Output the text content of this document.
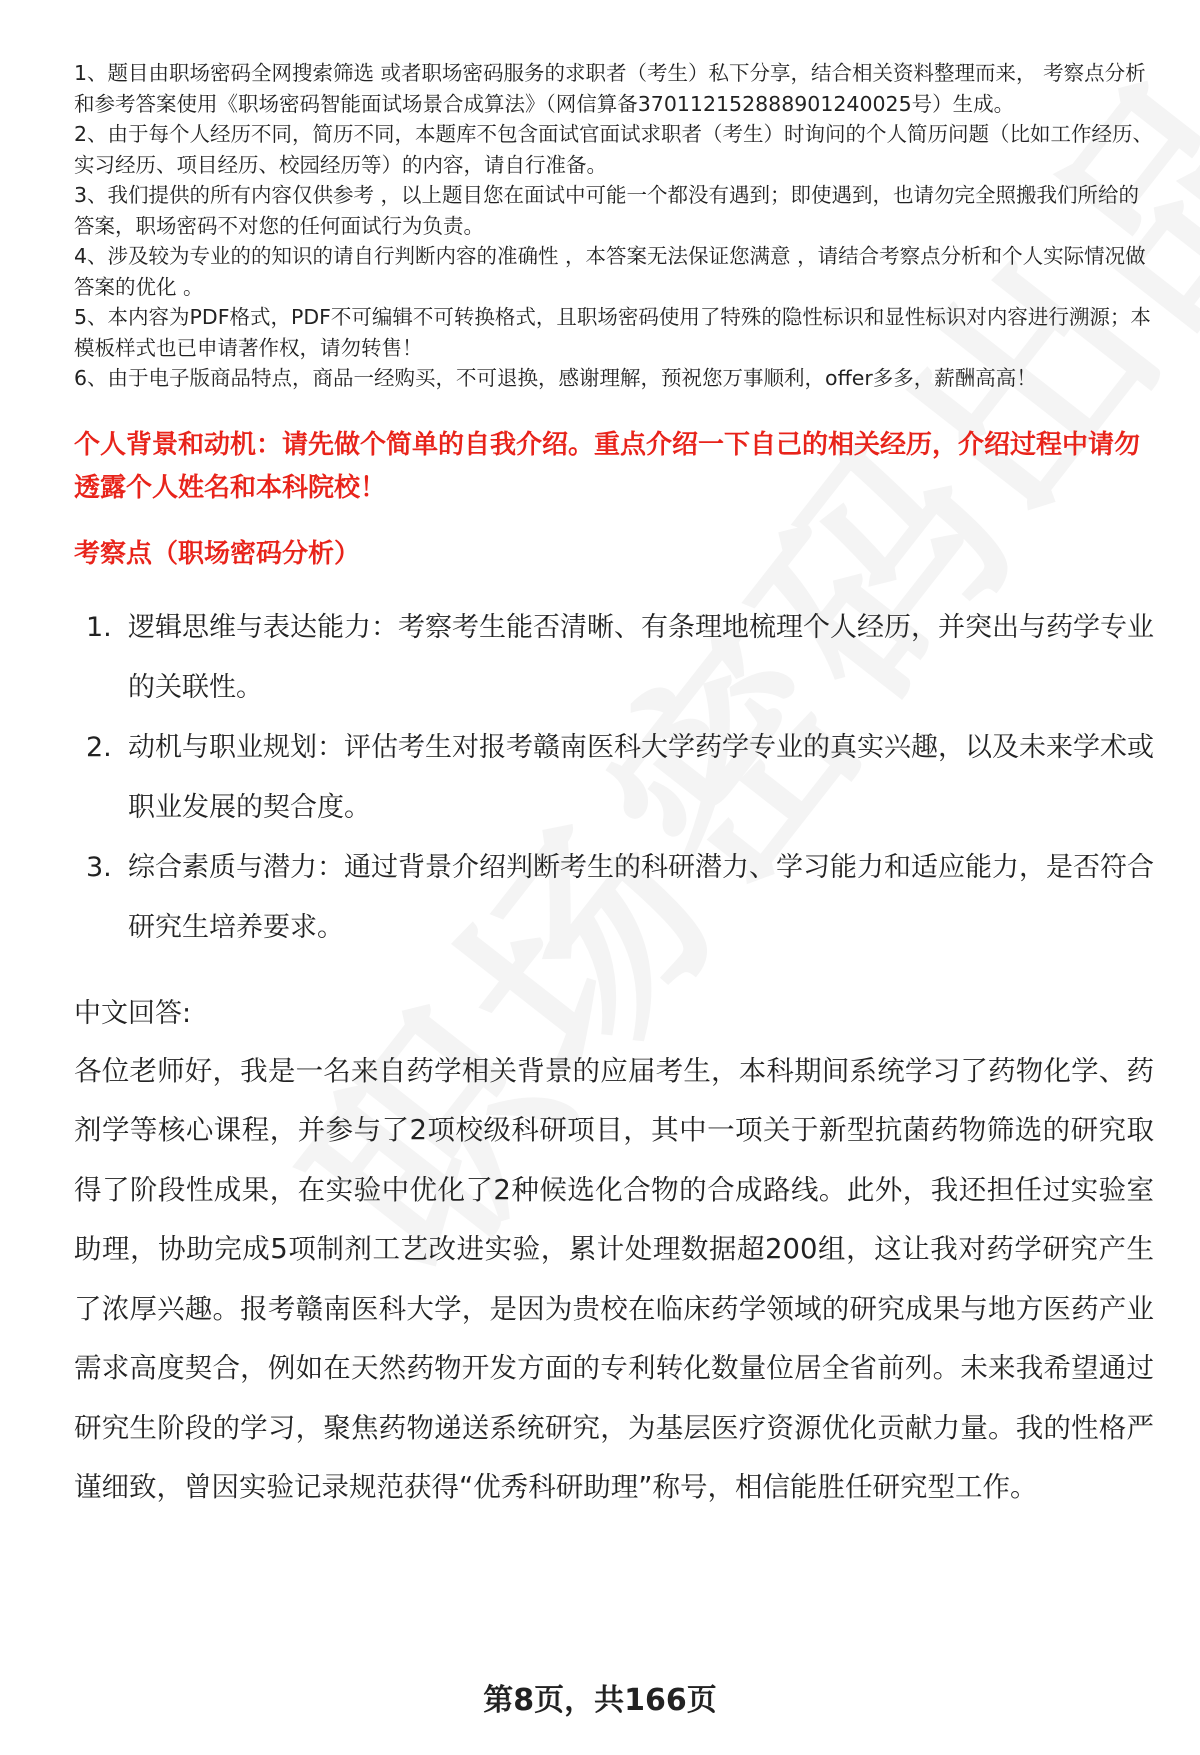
1、题目由职场密码全网搜索筛选 或者职场密码服务的求职者（考生）私下分享，结合相关资料整理而来， 考察点分析和参考答案使用《职场密码智能面试场景合成算法》（网信算备370112152888901240025号）生成。

2、由于每个人经历不同，简历不同，本题库不包含面试官面试求职者（考生）时询问的个人简历问题（比如工作经历、实习经历、项目经历、校园经历等）的内容，请自行准备。

3、我们提供的所有内容仅供参考 ，以上题目您在面试中可能一个都没有遇到；即使遇到，也请勿完全照搬我们所给的答案，职场密码不对您的任何面试行为负责。

4、涉及较为专业的的知识的请自行判断内容的准确性 ，本答案无法保证您满意 ，请结合考察点分析和个人实际情况做答案的优化 。

5、本内容为PDF格式，PDF不可编辑不可转换格式，且职场密码使用了特殊的隐性标识和显性标识对内容进行溯源；本模板样式也已申请著作权，请勿转售！

6、由于电子版商品特点，商品一经购买，不可退换，感谢理解，预祝您万事顺利，offer多多，薪酬高高！

个人背景和动机：请先做个简单的自我介绍。重点介绍一下自己的相关经历，介绍过程中请勿透露个人姓名和本科院校！
考察点（职场密码分析）
1. 逻辑思维与表达能力：考察考生能否清晰、有条理地梳理个人经历，并突出与药学专业的关联性。
2. 动机与职业规划：评估考生对报考赣南医科大学药学专业的真实兴趣，以及未来学术或职业发展的契合度。
3. 综合素质与潜力：通过背景介绍判断考生的科研潜力、学习能力和适应能力，是否符合研究生培养要求。
中文回答:
各位老师好，我是一名来自药学相关背景的应届考生，本科期间系统学习了药物化学、药剂学等核心课程，并参与了2项校级科研项目，其中一项关于新型抗菌药物筛选的研究取得了阶段性成果，在实验中优化了2种候选化合物的合成路线。此外，我还担任过实验室助理，协助完成5项制剂工艺改进实验，累计处理数据超200组，这让我对药学研究产生了浓厚兴趣。报考赣南医科大学，是因为贵校在临床药学领域的研究成果与地方医药产业需求高度契合，例如在天然药物开发方面的专利转化数量位居全省前列。未来我希望通过研究生阶段的学习，聚焦药物递送系统研究，为基层医疗资源优化贡献力量。我的性格严谨细致，曾因实验记录规范获得“优秀科研助理”称号，相信能胜任研究型工作。
第8页，共166页
